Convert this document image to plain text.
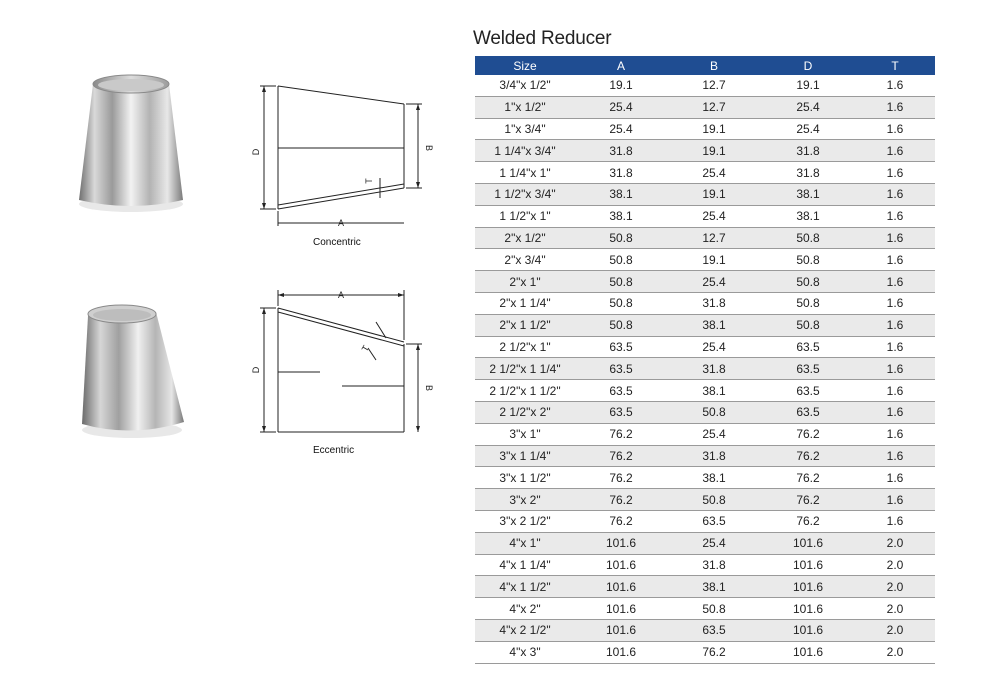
D
B
T
A
Concentric
A
D
B
T
Eccentric
Welded Reducer
Size	A	B	D	T
3/4"x 1/2"	19.1	12.7	19.1	1.6
1"x 1/2"	25.4	12.7	25.4	1.6
1"x 3/4"	25.4	19.1	25.4	1.6
1 1/4"x 3/4"	31.8	19.1	31.8	1.6
1 1/4"x 1"	31.8	25.4	31.8	1.6
1 1/2"x 3/4"	38.1	19.1	38.1	1.6
1 1/2"x 1"	38.1	25.4	38.1	1.6
2"x 1/2"	50.8	12.7	50.8	1.6
2"x 3/4"	50.8	19.1	50.8	1.6
2"x 1"	50.8	25.4	50.8	1.6
2"x 1 1/4"	50.8	31.8	50.8	1.6
2"x 1 1/2"	50.8	38.1	50.8	1.6
2 1/2"x 1"	63.5	25.4	63.5	1.6
2 1/2"x 1 1/4"	63.5	31.8	63.5	1.6
2 1/2"x 1 1/2"	63.5	38.1	63.5	1.6
2 1/2"x 2"	63.5	50.8	63.5	1.6
3"x 1"	76.2	25.4	76.2	1.6
3"x 1 1/4"	76.2	31.8	76.2	1.6
3"x 1 1/2"	76.2	38.1	76.2	1.6
3"x 2"	76.2	50.8	76.2	1.6
3"x 2 1/2"	76.2	63.5	76.2	1.6
4"x 1"	101.6	25.4	101.6	2.0
4"x 1 1/4"	101.6	31.8	101.6	2.0
4"x 1 1/2"	101.6	38.1	101.6	2.0
4"x 2"	101.6	50.8	101.6	2.0
4"x 2 1/2"	101.6	63.5	101.6	2.0
4"x 3"	101.6	76.2	101.6	2.0
